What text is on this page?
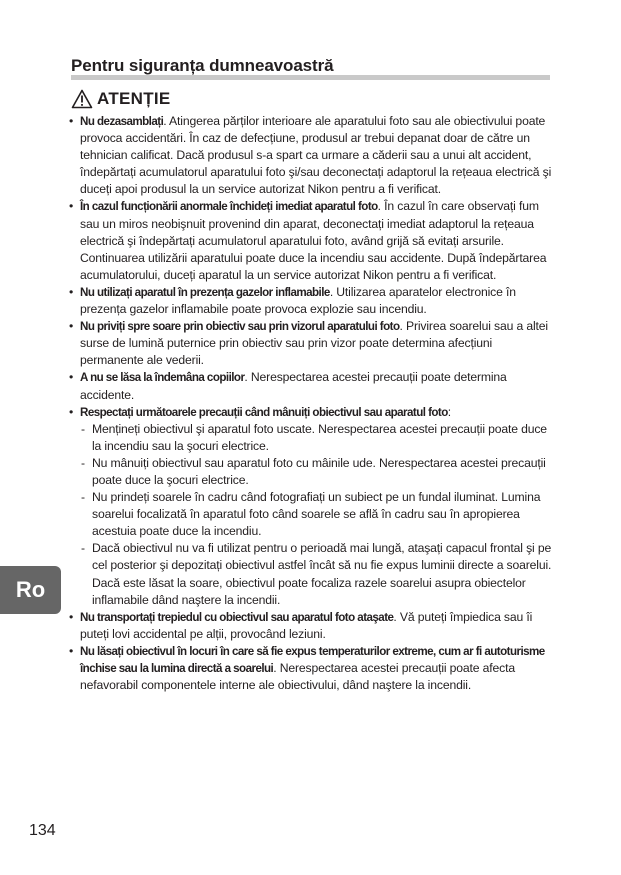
Pentru siguranța dumneavoastră
ATENȚIE
• Nu dezasamblați. Atingerea părților interioare ale aparatului foto sau ale obiectivului poate provoca accidentări. În caz de defecțiune, produsul ar trebui depanat doar de către un tehnician calificat. Dacă produsul s-a spart ca urmare a căderii sau a unui alt accident, îndepărtați acumulatorul aparatului foto şi/sau deconectați adaptorul la rețeaua electrică şi duceți apoi produsul la un service autorizat Nikon pentru a fi verificat.
• În cazul funcționării anormale închideți imediat aparatul foto. În cazul în care observați fum sau un miros neobişnuit provenind din aparat, deconectați imediat adaptorul la rețeaua electrică şi îndepărtați acumulatorul aparatului foto, având grijă să evitați arsurile. Continuarea utilizării aparatului poate duce la incendiu sau accidente. După îndepărtarea acumulatorului, duceți aparatul la un service autorizat Nikon pentru a fi verificat.
• Nu utilizați aparatul în prezența gazelor inflamabile. Utilizarea aparatelor electronice în prezența gazelor inflamabile poate provoca explozie sau incendiu.
• Nu priviți spre soare prin obiectiv sau prin vizorul aparatului foto. Privirea soarelui sau a altei surse de lumină puternice prin obiectiv sau prin vizor poate determina afecțiuni permanente ale vederii.
• A nu se lăsa la îndemâna copiilor. Nerespectarea acestei precauții poate determina accidente.
• Respectați următoarele precauții când mânuiți obiectivul sau aparatul foto:
- Mențineți obiectivul şi aparatul foto uscate. Nerespectarea acestei precauții poate duce la incendiu sau la şocuri electrice.
- Nu mânuiți obiectivul sau aparatul foto cu mâinile ude. Nerespectarea acestei precauții poate duce la şocuri electrice.
- Nu prindeți soarele în cadru când fotografiați un subiect pe un fundal iluminat. Lumina soarelui focalizată în aparatul foto când soarele se află în cadru sau în apropierea acestuia poate duce la incendiu.
- Dacă obiectivul nu va fi utilizat pentru o perioadă mai lungă, ataşați capacul frontal şi pe cel posterior şi depozitați obiectivul astfel încât să nu fie expus luminii directe a soarelui. Dacă este lăsat la soare, obiectivul poate focaliza razele soarelui asupra obiectelor inflamabile dând naştere la incendii.
• Nu transportați trepiedul cu obiectivul sau aparatul foto ataşate. Vă puteți împiedica sau îi puteți lovi accidental pe alții, provocând leziuni.
• Nu lăsați obiectivul în locuri în care să fie expus temperaturilor extreme, cum ar fi autoturisme închise sau la lumina directă a soarelui. Nerespectarea acestei precauții poate afecta nefavorabil componentele interne ale obiectivului, dând naştere la incendii.
Ro
134
